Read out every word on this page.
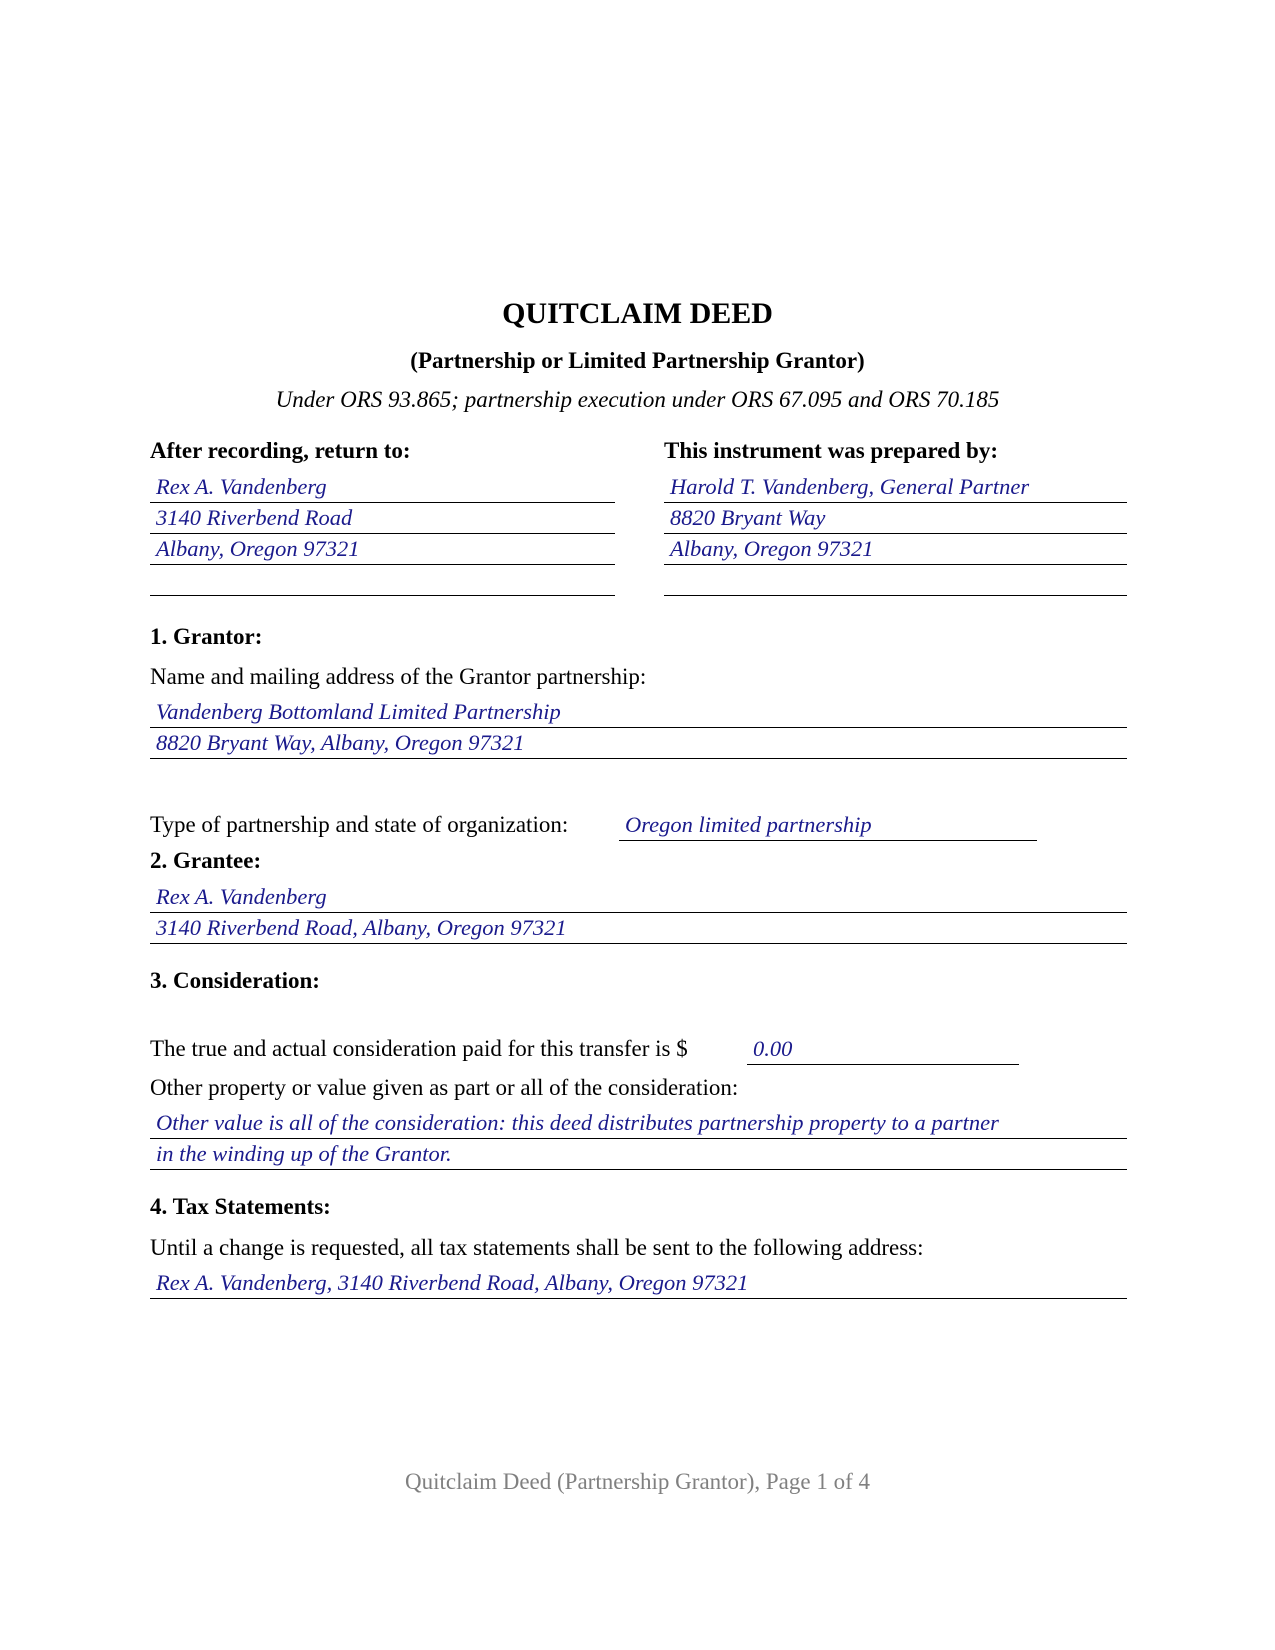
QUITCLAIM DEED
(Partnership or Limited Partnership Grantor)
Under ORS 93.865; partnership execution under ORS 67.095 and ORS 70.185
After recording, return to:
Rex A. Vandenberg
3140 Riverbend Road
Albany, Oregon 97321
This instrument was prepared by:
Harold T. Vandenberg, General Partner
8820 Bryant Way
Albany, Oregon 97321
1. Grantor:
Name and mailing address of the Grantor partnership:
Vandenberg Bottomland Limited Partnership
8820 Bryant Way, Albany, Oregon 97321
Type of partnership and state of organization:	Oregon limited partnership
2. Grantee:
Rex A. Vandenberg
3140 Riverbend Road, Albany, Oregon 97321
3. Consideration:
The true and actual consideration paid for this transfer is $	0.00
Other property or value given as part or all of the consideration:
Other value is all of the consideration: this deed distributes partnership property to a partner
in the winding up of the Grantor.
4. Tax Statements:
Until a change is requested, all tax statements shall be sent to the following address:
Rex A. Vandenberg, 3140 Riverbend Road, Albany, Oregon 97321
Quitclaim Deed (Partnership Grantor), Page 1 of 4
